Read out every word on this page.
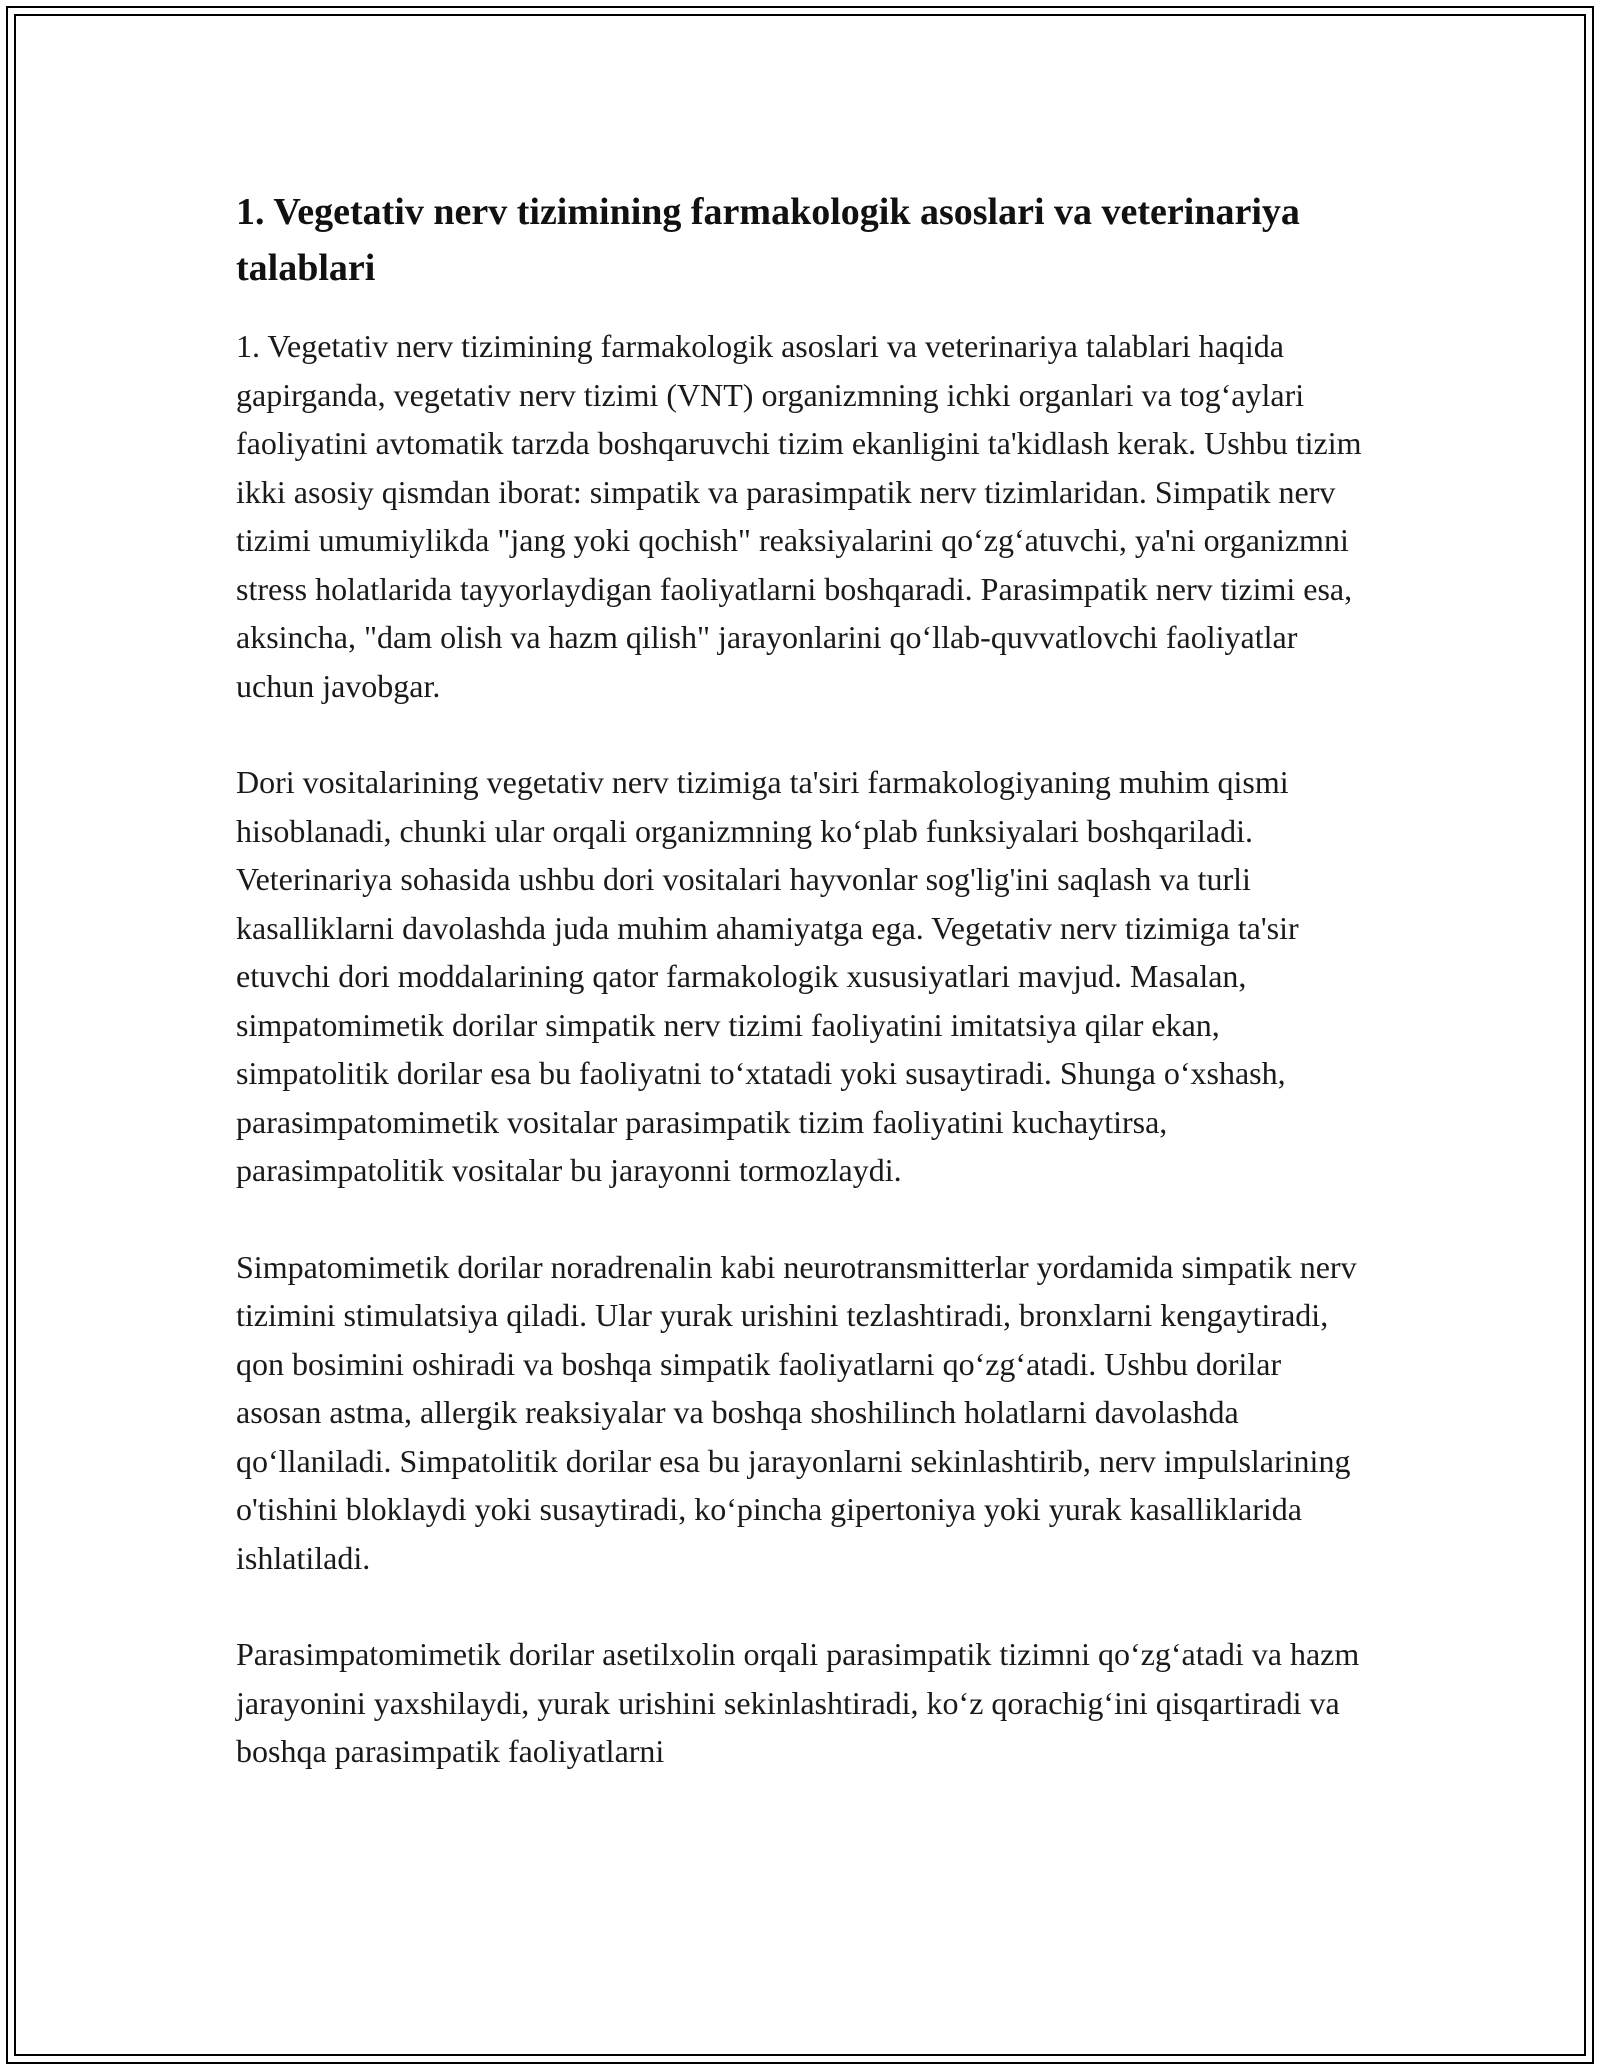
1. Vegetativ nerv tizimining farmakologik asoslari va veterinariya talablari

1. Vegetativ nerv tizimining farmakologik asoslari va veterinariya talablari haqida gapirganda, vegetativ nerv tizimi (VNT) organizmning ichki organlari va tog‘aylari faoliyatini avtomatik tarzda boshqaruvchi tizim ekanligini ta'kidlash kerak. Ushbu tizim ikki asosiy qismdan iborat: simpatik va parasimpatik nerv tizimlaridan. Simpatik nerv tizimi umumiylikda "jang yoki qochish" reaksiyalarini qo‘zg‘atuvchi, ya'ni organizmni stress holatlarida tayyorlaydigan faoliyatlarni boshqaradi. Parasimpatik nerv tizimi esa, aksincha, "dam olish va hazm qilish" jarayonlarini qo‘llab-quvvatlovchi faoliyatlar uchun javobgar.

Dori vositalarining vegetativ nerv tizimiga ta'siri farmakologiyaning muhim qismi hisoblanadi, chunki ular orqali organizmning ko‘plab funksiyalari boshqariladi. Veterinariya sohasida ushbu dori vositalari hayvonlar sog'lig'ini saqlash va turli kasalliklarni davolashda juda muhim ahamiyatga ega. Vegetativ nerv tizimiga ta'sir etuvchi dori moddalarining qator farmakologik xususiyatlari mavjud. Masalan, simpatomimetik dorilar simpatik nerv tizimi faoliyatini imitatsiya qilar ekan, simpatolitik dorilar esa bu faoliyatni to‘xtatadi yoki susaytiradi. Shunga o‘xshash, parasimpatomimetik vositalar parasimpatik tizim faoliyatini kuchaytirsa, parasimpatolitik vositalar bu jarayonni tormozlaydi.

Simpatomimetik dorilar noradrenalin kabi neurotransmitterlar yordamida simpatik nerv tizimini stimulatsiya qiladi. Ular yurak urishini tezlashtiradi, bronxlarni kengaytiradi, qon bosimini oshiradi va boshqa simpatik faoliyatlarni qo‘zg‘atadi. Ushbu dorilar asosan astma, allergik reaksiyalar va boshqa shoshilinch holatlarni davolashda qo‘llaniladi. Simpatolitik dorilar esa bu jarayonlarni sekinlashtirib, nerv impulslarining o'tishini bloklaydi yoki susaytiradi, ko‘pincha gipertoniya yoki yurak kasalliklarida ishlatiladi.

Parasimpatomimetik dorilar asetilxolin orqali parasimpatik tizimni qo‘zg‘atadi va hazm jarayonini yaxshilaydi, yurak urishini sekinlashtiradi, ko‘z qorachig‘ini qisqartiradi va boshqa parasimpatik faoliyatlarni
